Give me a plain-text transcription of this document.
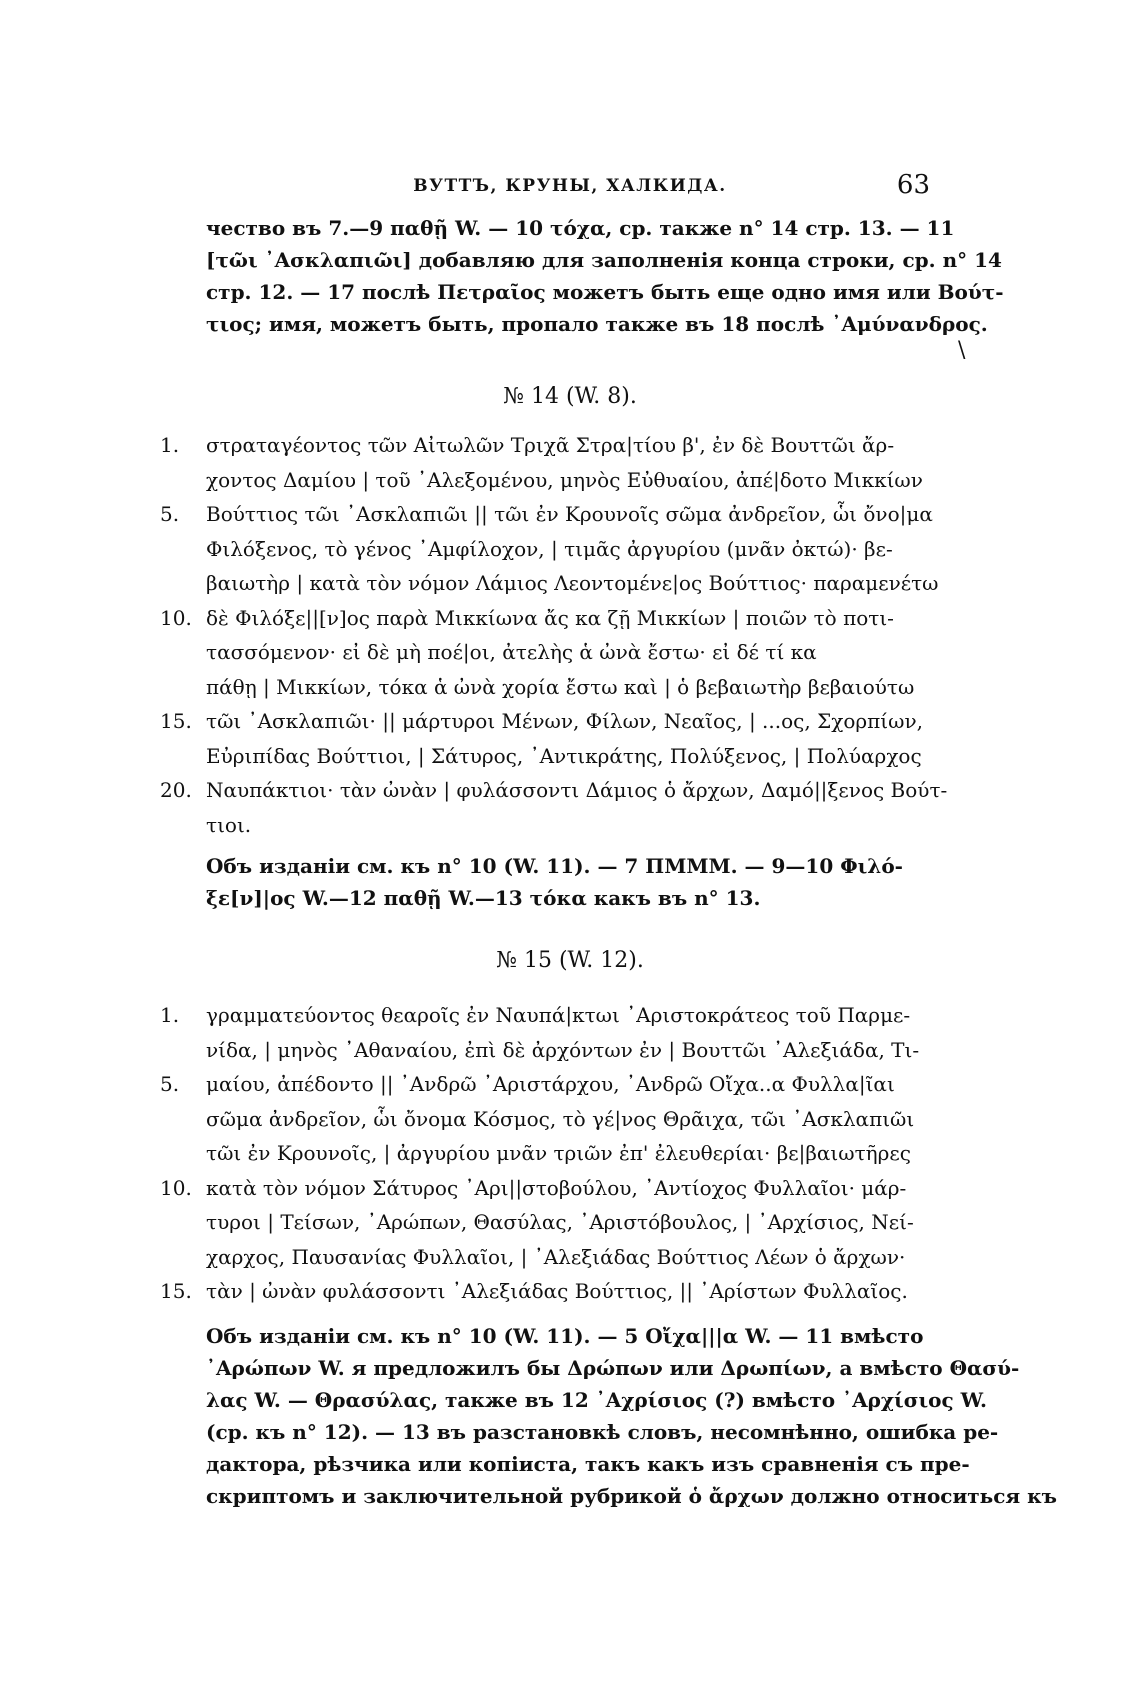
ВУТТЪ, КРУНЫ, ХАЛКИДА.	63
чество въ 7.—9 παθῇ W. — 10 τόχα, ср. также n° 14 стр. 13. — 11
[τῶι ᾿Ασκλαπιῶι] добавляю для заполненія конца строки, ср. n° 14
стр. 12. — 17 послѣ Πετραῖος можетъ быть еще одно имя или Βούτ-
τιος; имя, можетъ быть, пропало также въ 18 послѣ ᾿Αμύνανδρος.
\
№ 14 (W. 8).
1.	στραταγέοντος τῶν Αἰτωλῶν Τριχᾶ Στρα|τίου β', ἐν δὲ Βουττῶι ἄρ-
χοντος Δαμίου | τοῦ ᾿Αλεξομένου, μηνὸς Εὐθυαίου, ἀπέ|δοτο Μικκίων
5.	Βούττιος τῶι ᾿Ασκλαπιῶι || τῶι ἐν Κρουνοῖς σῶμα ἀνδρεῖον, ὧι ὄνο|μα
Φιλόξενος, τὸ γένος ᾿Αμφίλοχον, | τιμᾶς ἀργυρίου (μνᾶν ὀκτώ)· βε-
βαιωτὴρ | κατὰ τὸν νόμον Λάμιος Λεοντομένε|ος Βούττιος· παραμενέτω
10. δὲ Φιλόξε||[ν]ος παρὰ Μικκίωνα ἄς κα ζῇ Μικκίων | ποιῶν τὸ ποτι-
τασσόμενον· εἰ δὲ μὴ ποέ|οι, ἀτελὴς ἁ ὠνὰ ἔστω· εἰ δέ τί κα
πάθῃ | Μικκίων, τόκα ἁ ὠνὰ χορία ἔστω καὶ | ὁ βεβαιωτὴρ βεβαιούτω
15. τῶι ᾿Ασκλαπιῶι· || μάρτυροι Μένων, Φίλων, Νεαῖος, | ...ος, Σχορπίων,
Εὐριπίδας Βούττιοι, | Σάτυρος, ᾿Αντικράτης, Πολύξενος, | Πολύαρχος
20. Ναυπάκτιοι· τὰν ὠνὰν | φυλάσσοντι Δάμιος ὁ ἄρχων, Δαμό||ξενος Βούτ-
τιοι.
Объ изданіи см. къ n° 10 (W. 11). — 7 ΠΜΜΜ. — 9—10 Φιλό-
ξε[ν]|ος W.—12 παθῇ W.—13 τόκα какъ въ n° 13.
№ 15 (W. 12).
1.	γραμματεύοντος θεαροῖς ἐν Ναυπά|κτωι ᾿Αριστοκράτεος τοῦ Παρμε-
νίδα, | μηνὸς ᾿Αθαναίου, ἐπὶ δὲ ἀρχόντων ἐν | Βουττῶι ᾿Αλεξιάδα, Τι-
5.	μαίου, ἀπέδοντο || ᾿Ανδρῶ ᾿Αριστάρχου, ᾿Ανδρῶ Οἴχα..α Φυλλα|ῖαι
σῶμα ἀνδρεῖον, ὧι ὄνομα Κόσμος, τὸ γέ|νος Θρᾶιχα, τῶι ᾿Ασκλαπιῶι
τῶι ἐν Κρουνοῖς, | ἀργυρίου μνᾶν τριῶν ἐπ' ἐλευθερίαι· βε|βαιωτῆρες
10. κατὰ τὸν νόμον Σάτυρος ᾿Αρι||στοβούλου, ᾿Αντίοχος Φυλλαῖοι· μάρ-
τυροι | Τείσων, ᾿Αρώπων, Θασύλας, ᾿Αριστόβουλος, | ᾿Αρχίσιος, Νεί-
χαρχος, Παυσανίας Φυλλαῖοι, | ᾿Αλεξιάδας Βούττιος Λέων ὁ ἄρχων·
15. τὰν | ὠνὰν φυλάσσοντι ᾿Αλεξιάδας Βούττιος, || ᾿Αρίστων Φυλλαῖος.
Объ изданіи см. къ n° 10 (W. 11). — 5 Οἴχα|||α W. — 11 вмѣсто
᾿Αρώπων W. я предложилъ бы Δρώπων или Δρωπίων, а вмѣсто Θασύ-
λας W. — Θρασύλας, также въ 12 ᾿Αχρίσιος (?) вмѣсто ᾿Αρχίσιος W.
(ср. къ n° 12). — 13 въ разстановкѣ словъ, несомнѣнно, ошибка ре-
дактора, рѣзчика или копіиста, такъ какъ изъ сравненія съ пре-
скриптомъ и заключительной рубрикой ὁ ἄρχων должно относиться къ
